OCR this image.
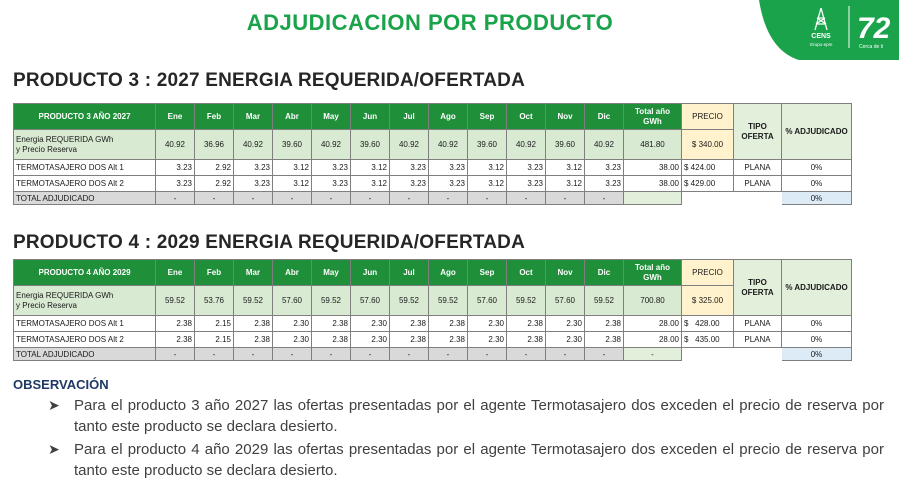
ADJUDICACION POR PRODUCTO
CENS
Grupo·epm 72
Cerca de ti
PRODUCTO 3 : 2027 ENERGIA REQUERIDA/OFERTADA
PRODUCTO 3 AÑO 2027	Ene	Feb	Mar	Abr	May	Jun	Jul	Ago	Sep	Oct	Nov	Dic	Total año GWh	PRECIO	TIPO OFERTA	% ADJUDICADO
Energia REQUERIDA GWh
y Precio Reserva	40.92	36.96	40.92	39.60	40.92	39.60	40.92	40.92	39.60	40.92	39.60	40.92	481.80	$ 340.00		
TERMOTASAJERO DOS Alt 1	3.23	2.92	3.23	3.12	3.23	3.12	3.23	3.23	3.12	3.23	3.12	3.23	38.00	$ 424.00	PLANA	0%
TERMOTASAJERO DOS Alt 2	3.23	2.92	3.23	3.12	3.23	3.12	3.23	3.23	3.12	3.23	3.12	3.23	38.00	$ 429.00	PLANA	0%
TOTAL ADJUDICADO	-	-	-	-	-	-	-	-	-	-	-	-				0%
PRODUCTO 4 : 2029 ENERGIA REQUERIDA/OFERTADA
PRODUCTO 4 AÑO 2029	Ene	Feb	Mar	Abr	May	Jun	Jul	Ago	Sep	Oct	Nov	Dic	Total año GWh	PRECIO	TIPO OFERTA	% ADJUDICADO
Energia REQUERIDA GWh
y Precio Reserva	59.52	53.76	59.52	57.60	59.52	57.60	59.52	59.52	57.60	59.52	57.60	59.52	700.80	$ 325.00		
TERMOTASAJERO DOS Alt 1	2.38	2.15	2.38	2.30	2.38	2.30	2.38	2.38	2.30	2.38	2.30	2.38	28.00	$   428.00	PLANA	0%
TERMOTASAJERO DOS Alt 2	2.38	2.15	2.38	2.30	2.38	2.30	2.38	2.38	2.30	2.38	2.30	2.38	28.00	$   435.00	PLANA	0%
TOTAL ADJUDICADO	-	-	-	-	-	-	-	-	-	-	-	-	-			0%
OBSERVACIÓN
➤ Para el producto 3 año 2027 las ofertas presentadas por el agente Termotasajero dos exceden el precio de reserva por tanto este producto se declara desierto.
➤ Para el producto 4 año 2029 las ofertas presentadas por el agente Termotasajero dos exceden el precio de reserva por tanto este producto se declara desierto.
